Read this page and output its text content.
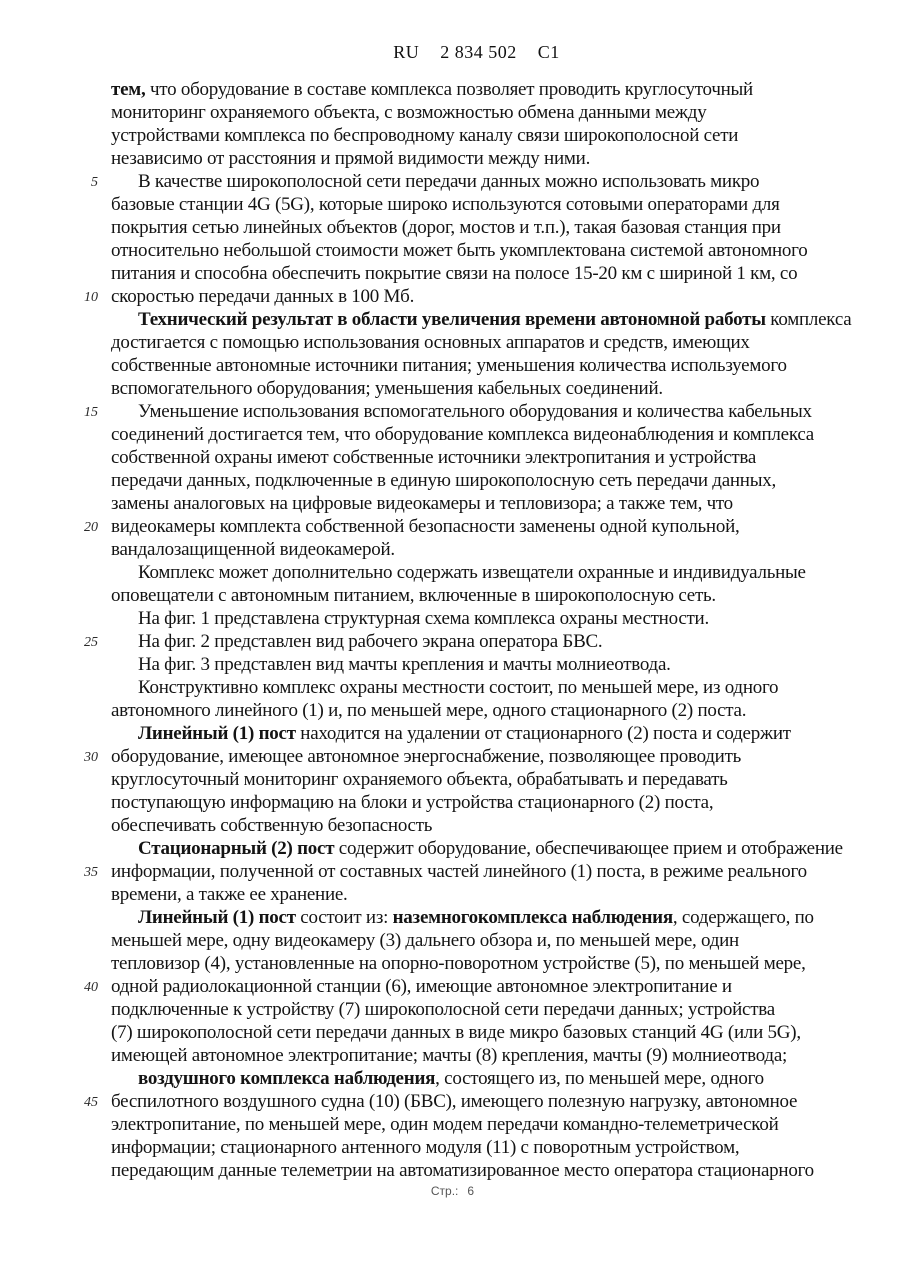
RU 2 834 502 C1
тем, что оборудование в составе комплекса позволяет проводить круглосуточный
мониторинг охраняемого объекта, с возможностью обмена данными между
устройствами комплекса по беспроводному каналу связи широкополосной сети
независимо от расстояния и прямой видимости между ними.
5 В качестве широкополосной сети передачи данных можно использовать микро
базовые станции 4G (5G), которые широко используются сотовыми операторами для
покрытия сетью линейных объектов (дорог, мостов и т.п.), такая базовая станция при
относительно небольшой стоимости может быть укомплектована системой автономного
питания и способна обеспечить покрытие связи на полосе 15-20 км с шириной 1 км, со
10 скоростью передачи данных в 100 Мб.
Технический результат в области увеличения времени автономной работы комплекса
достигается с помощью использования основных аппаратов и средств, имеющих
собственные автономные источники питания; уменьшения количества используемого
вспомогательного оборудования; уменьшения кабельных соединений.
15 Уменьшение использования вспомогательного оборудования и количества кабельных
соединений достигается тем, что оборудование комплекса видеонаблюдения и комплекса
собственной охраны имеют собственные источники электропитания и устройства
передачи данных, подключенные в единую широкополосную сеть передачи данных,
замены аналоговых на цифровые видеокамеры и тепловизора; а также тем, что
20 видеокамеры комплекта собственной безопасности заменены одной купольной,
вандалозащищенной видеокамерой.
Комплекс может дополнительно содержать извещатели охранные и индивидуальные
оповещатели с автономным питанием, включенные в широкополосную сеть.
На фиг. 1 представлена структурная схема комплекса охраны местности.
25 На фиг. 2 представлен вид рабочего экрана оператора БВС.
На фиг. 3 представлен вид мачты крепления и мачты молниеотвода.
Конструктивно комплекс охраны местности состоит, по меньшей мере, из одного
автономного линейного (1) и, по меньшей мере, одного стационарного (2) поста.
Линейный (1) пост находится на удалении от стационарного (2) поста и содержит
30 оборудование, имеющее автономное энергоснабжение, позволяющее проводить
круглосуточный мониторинг охраняемого объекта, обрабатывать и передавать
поступающую информацию на блоки и устройства стационарного (2) поста,
обеспечивать собственную безопасность
Стационарный (2) пост содержит оборудование, обеспечивающее прием и отображение
35 информации, полученной от составных частей линейного (1) поста, в режиме реального
времени, а также ее хранение.
Линейный (1) пост состоит из: наземногокомплекса наблюдения, содержащего, по
меньшей мере, одну видеокамеру (3) дальнего обзора и, по меньшей мере, один
тепловизор (4), установленные на опорно-поворотном устройстве (5), по меньшей мере,
40 одной радиолокационной станции (6), имеющие автономное электропитание и
подключенные к устройству (7) широкополосной сети передачи данных; устройства
(7) широкополосной сети передачи данных в виде микро базовых станций 4G (или 5G),
имеющей автономное электропитание; мачты (8) крепления, мачты (9) молниеотвода;
воздушного комплекса наблюдения, состоящего из, по меньшей мере, одного
45 беспилотного воздушного судна (10) (БВС), имеющего полезную нагрузку, автономное
электропитание, по меньшей мере, один модем передачи командно-телеметрической
информации; стационарного антенного модуля (11) с поворотным устройством,
передающим данные телеметрии на автоматизированное место оператора стационарного
Стр.: 6
